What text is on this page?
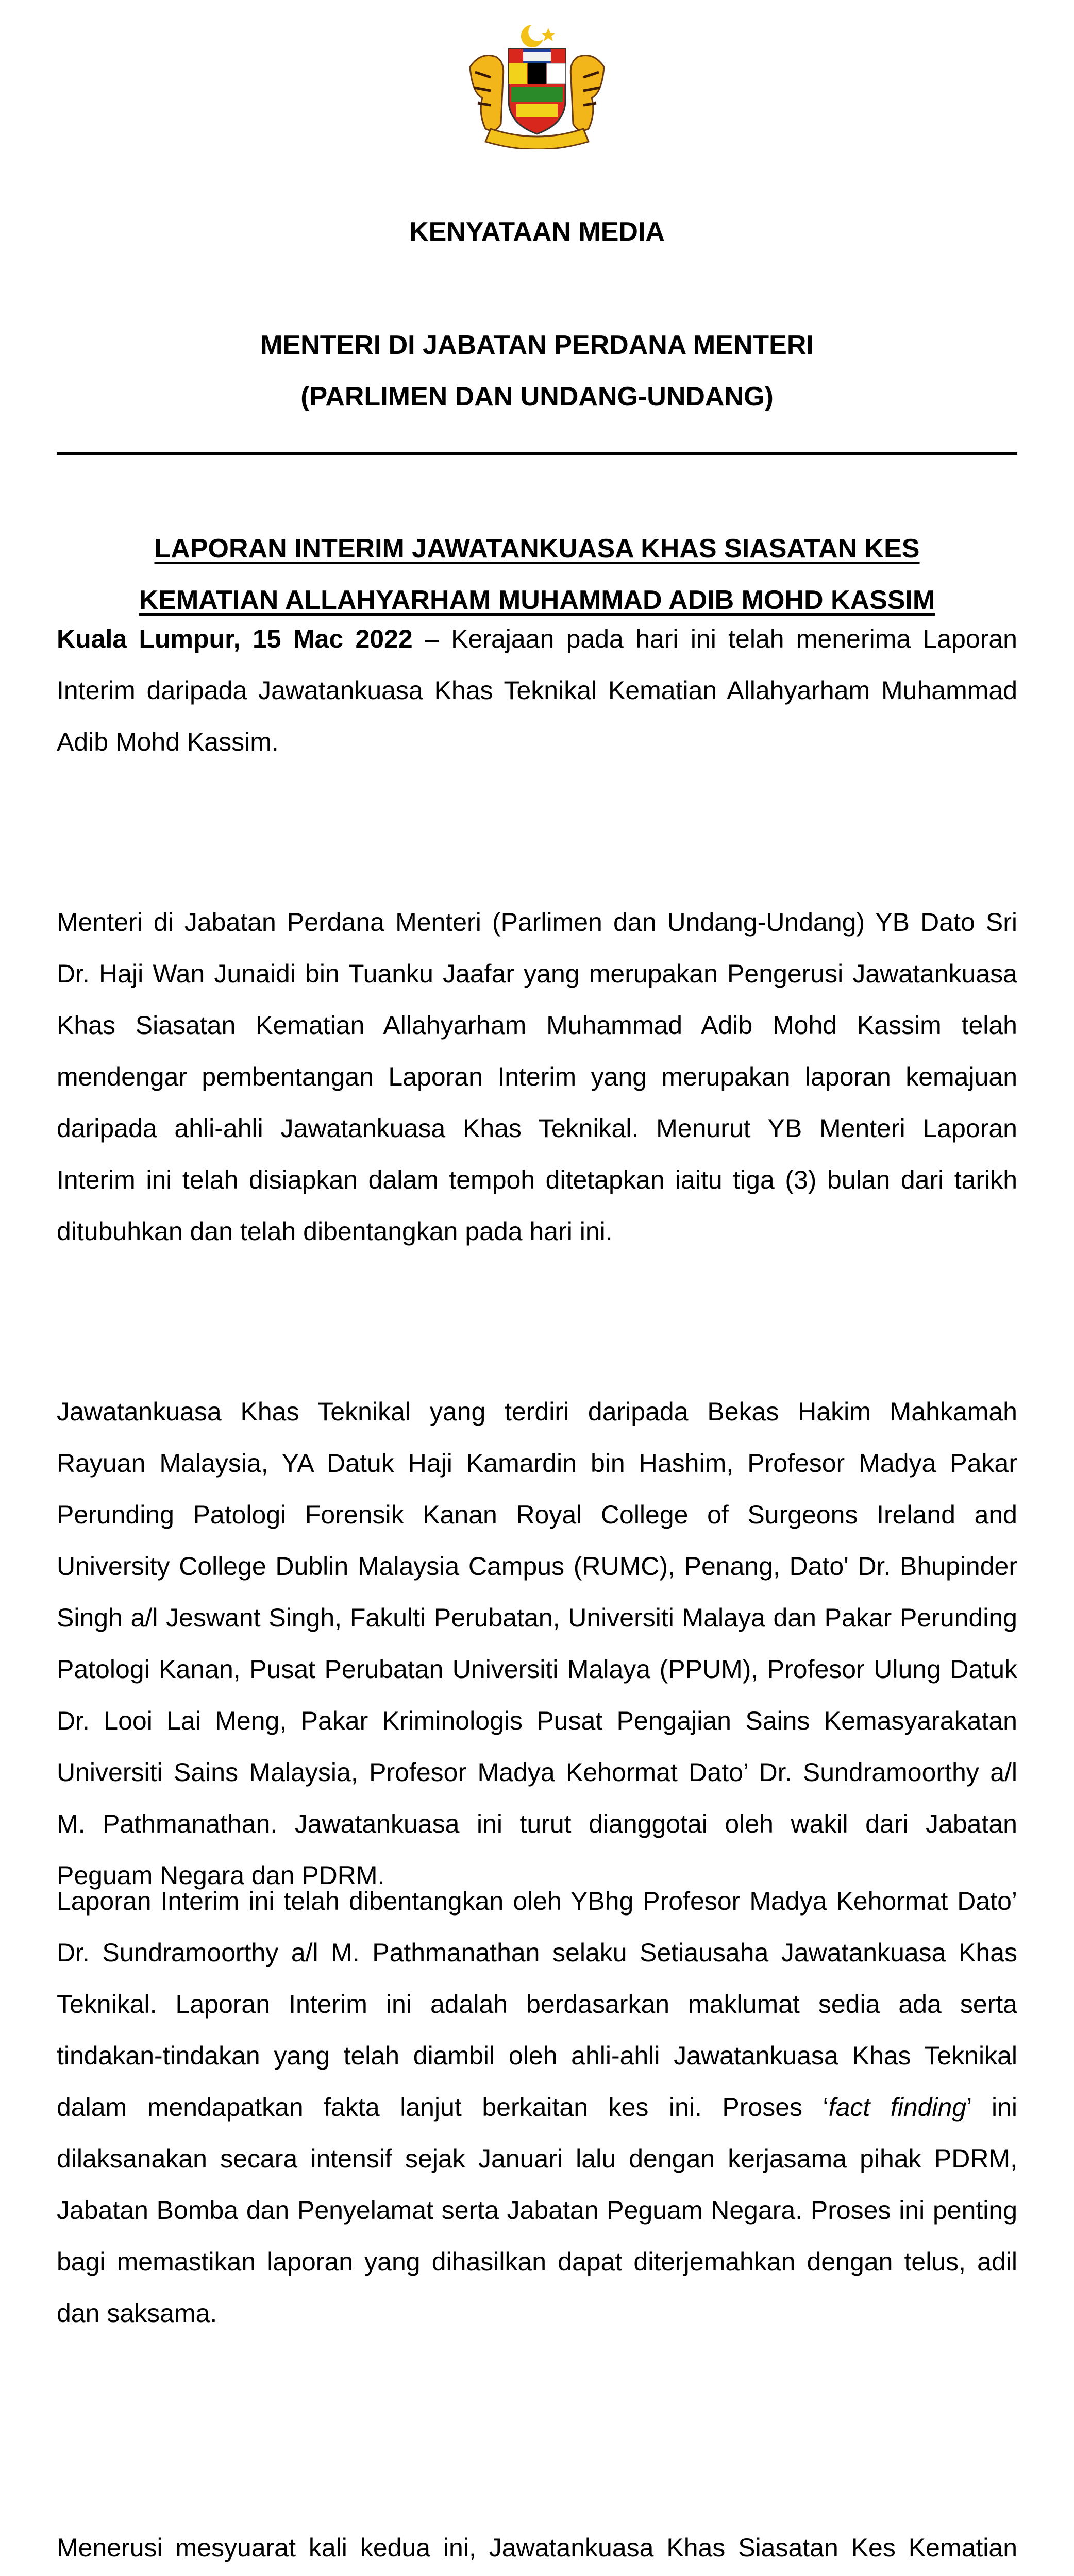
KENYATAAN MEDIA
MENTERI DI JABATAN PERDANA MENTERI
(PARLIMEN DAN UNDANG-UNDANG)
LAPORAN INTERIM JAWATANKUASA KHAS SIASATAN KES
KEMATIAN ALLAHYARHAM MUHAMMAD ADIB MOHD KASSIM

Kuala Lumpur, 15 Mac 2022 – Kerajaan pada hari ini telah menerima Laporan Interim daripada Jawatankuasa Khas Teknikal Kematian Allahyarham Muhammad Adib Mohd Kassim.

Menteri di Jabatan Perdana Menteri (Parlimen dan Undang-Undang) YB Dato Sri Dr. Haji Wan Junaidi bin Tuanku Jaafar yang merupakan Pengerusi Jawatankuasa Khas Siasatan Kematian Allahyarham Muhammad Adib Mohd Kassim telah mendengar pembentangan Laporan Interim yang merupakan laporan kemajuan daripada ahli-ahli Jawatankuasa Khas Teknikal. Menurut YB Menteri Laporan Interim ini telah disiapkan dalam tempoh ditetapkan iaitu tiga (3) bulan dari tarikh ditubuhkan dan telah dibentangkan pada hari ini.

Jawatankuasa Khas Teknikal yang terdiri daripada Bekas Hakim Mahkamah Rayuan Malaysia, YA Datuk Haji Kamardin bin Hashim, Profesor Madya Pakar Perunding Patologi Forensik Kanan Royal College of Surgeons Ireland and University College Dublin Malaysia Campus (RUMC), Penang, Dato' Dr. Bhupinder Singh a/l Jeswant Singh, Fakulti Perubatan, Universiti Malaya dan Pakar Perunding Patologi Kanan, Pusat Perubatan Universiti Malaya (PPUM), Profesor Ulung Datuk Dr. Looi Lai Meng, Pakar Kriminologis Pusat Pengajian Sains Kemasyarakatan Universiti Sains Malaysia, Profesor Madya Kehormat Dato’ Dr. Sundramoorthy a/l M. Pathmanathan. Jawatankuasa ini turut dianggotai oleh wakil dari Jabatan Peguam Negara dan PDRM.

Laporan Interim ini telah dibentangkan oleh YBhg Profesor Madya Kehormat Dato’ Dr. Sundramoorthy a/l M. Pathmanathan selaku Setiausaha Jawatankuasa Khas Teknikal. Laporan Interim ini adalah berdasarkan maklumat sedia ada serta tindakan-tindakan yang telah diambil oleh ahli-ahli Jawatankuasa Khas Teknikal dalam mendapatkan fakta lanjut berkaitan kes ini. Proses ‘fact finding’ ini dilaksanakan secara intensif sejak Januari lalu dengan kerjasama pihak PDRM, Jabatan Bomba dan Penyelamat serta Jabatan Peguam Negara. Proses ini penting bagi memastikan laporan yang dihasilkan dapat diterjemahkan dengan telus, adil dan saksama.

Menerusi mesyuarat kali kedua ini, Jawatankuasa Khas Siasatan Kes Kematian
